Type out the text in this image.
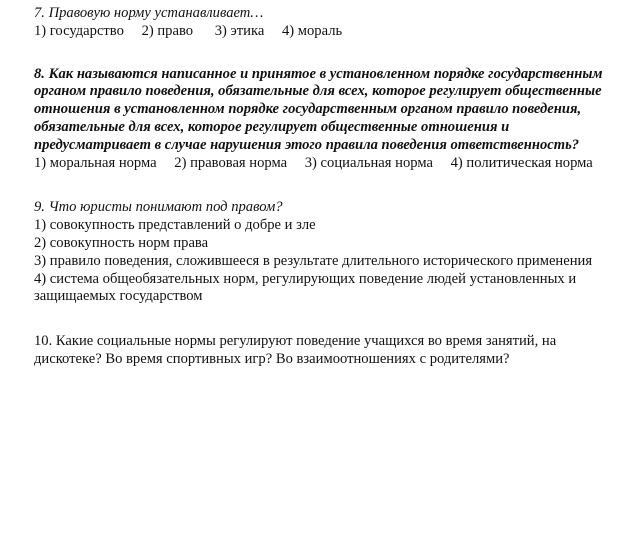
7. Правовую норму устанавливает…
1) государство 2) право 3) этика 4) мораль
8. Как называются написанное и принятое в установленном порядке государственным
органом правило поведения, обязательные для всех, которое регулирует общественные
отношения в установленном порядке государственным органом правило поведения,
обязательные для всех, которое регулирует общественные отношения и
предусматривает в случае нарушения этого правила поведения ответственность?
1) моральная норма 2) правовая норма 3) социальная норма 4) политическая норма
9. Что юристы понимают под правом?
1) совокупность представлений о добре и зле
2) совокупность норм права
3) правило поведения, сложившееся в результате длительного исторического применения
4) система общеобязательных норм, регулирующих поведение людей установленных и
защищаемых государством
10. Какие социальные нормы регулируют поведение учащихся во время занятий, на
дискотеке? Во время спортивных игр? Во взаимоотношениях с родителями?
